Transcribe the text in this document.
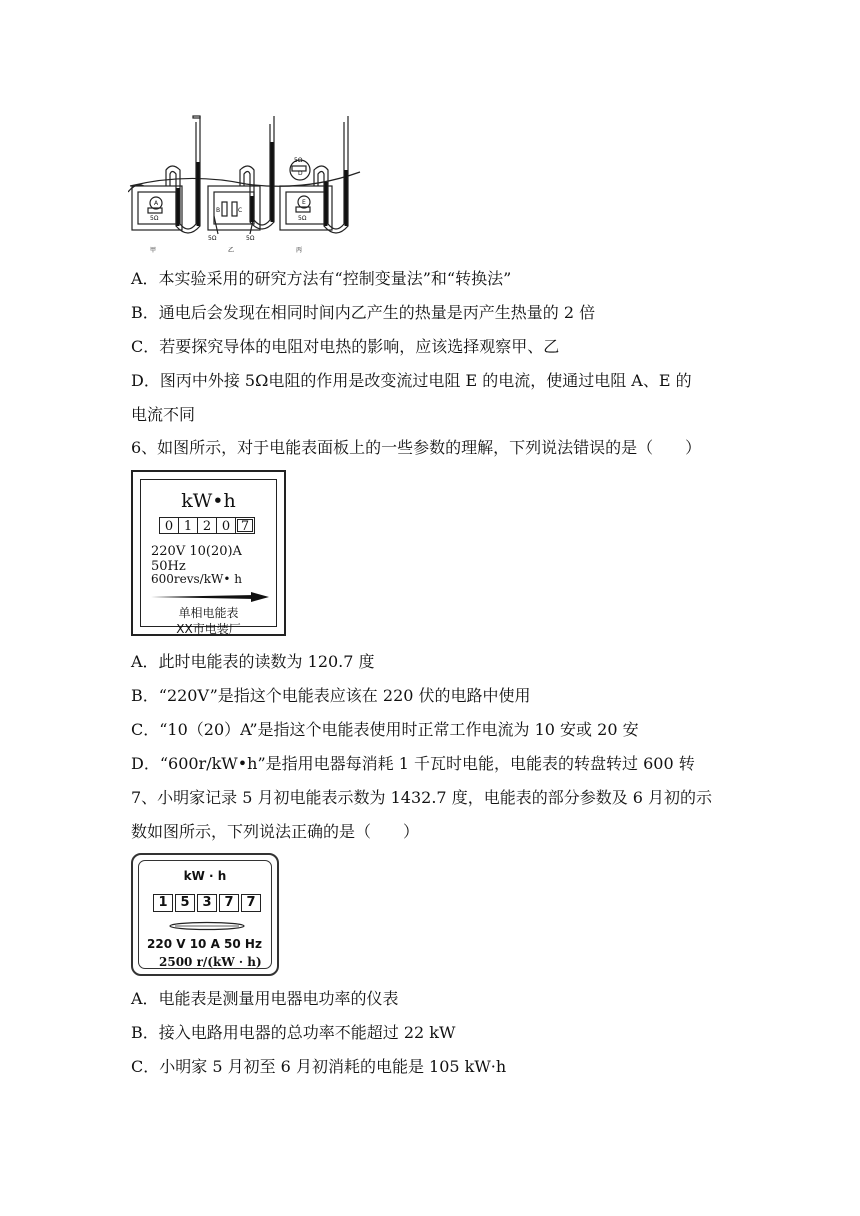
A
5Ω
B	C
5Ω	5Ω
5Ω
D
E
5Ω
甲	乙	丙
A．本实验采用的研究方法有“控制变量法”和“转换法”
B．通电后会发现在相同时间内乙产生的热量是丙产生热量的 2 倍
C．若要探究导体的电阻对电热的影响，应该选择观察甲、乙
D．图丙中外接 5Ω电阻的作用是改变流过电阻 E 的电流，使通过电阻 A、E 的
电流不同
6、如图所示，对于电能表面板上的一些参数的理解，下列说法错误的是（　　）
kW•h
0 1 2 0 7
220V 10(20)A 50Hz
600revs/kW• h
单相电能表
XX市电装厂
A．此时电能表的读数为 120.7 度
B．“220V”是指这个电能表应该在 220 伏的电路中使用
C．“10（20）A”是指这个电能表使用时正常工作电流为 10 安或 20 安
D．“600r/kW•h”是指用电器每消耗 1 千瓦时电能，电能表的转盘转过 600 转
7、小明家记录 5 月初电能表示数为 1432.7 度，电能表的部分参数及 6 月初的示
数如图所示，下列说法正确的是（　　）
kW · h
1 5 3 7 7
220 V 10 A 50 Hz
2500 r/(kW · h)
A．电能表是测量用电器电功率的仪表
B．接入电路用电器的总功率不能超过 22 kW
C．小明家 5 月初至 6 月初消耗的电能是 105 kW·h
